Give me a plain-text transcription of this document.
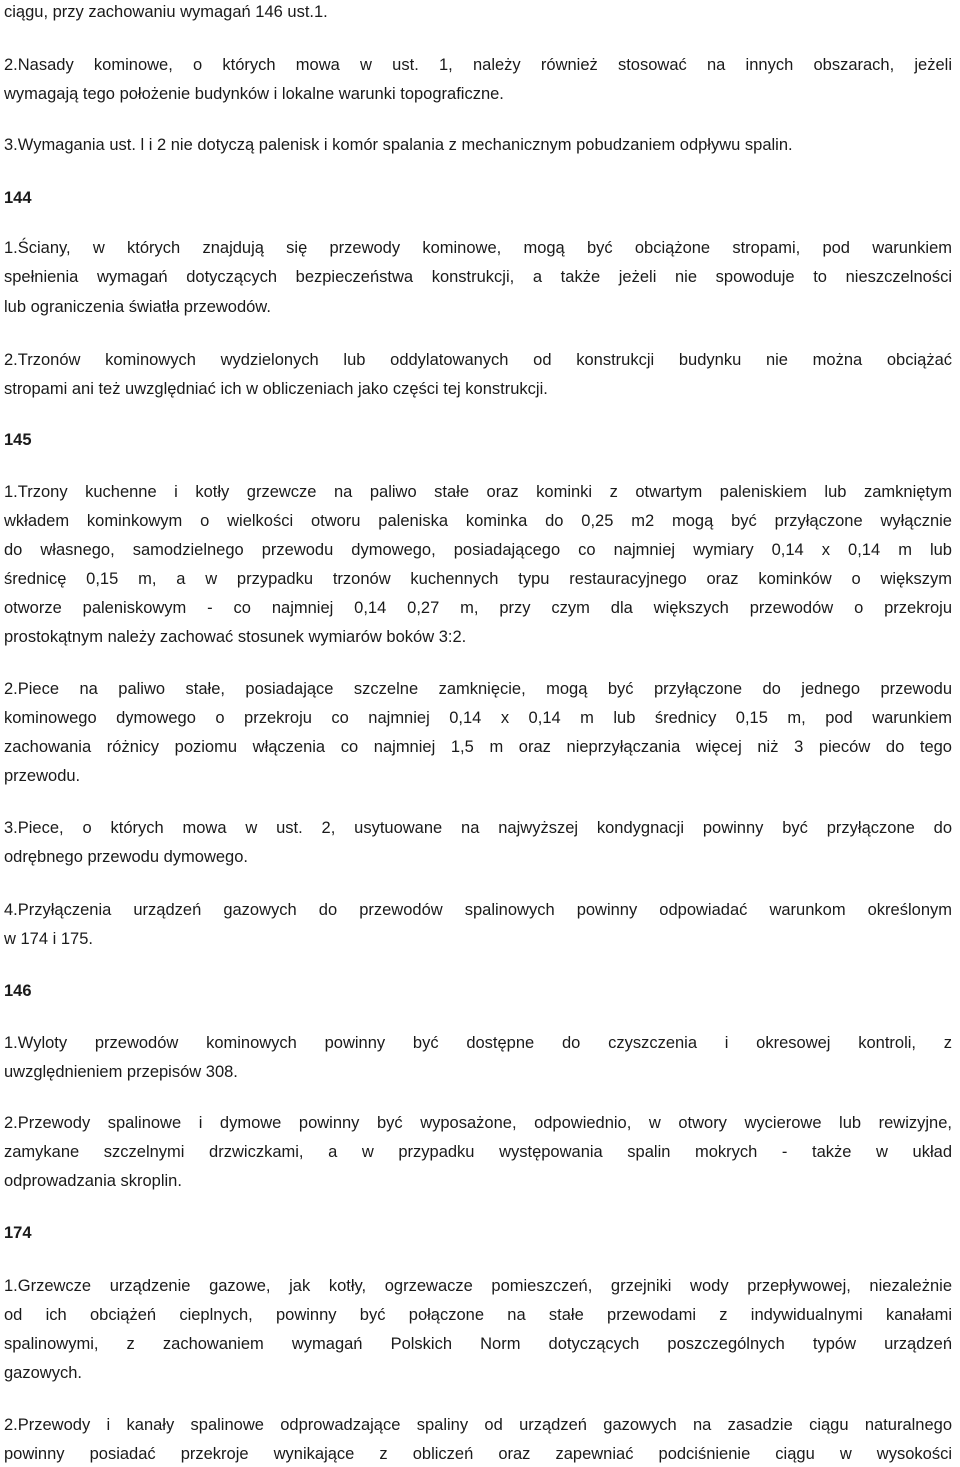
ciągu, przy zachowaniu wymagań 146 ust.1.
2.Nasady kominowe, o których mowa w ust. 1, należy również stosować na innych obszarach, jeżeli
wymagają tego położenie budynków i lokalne warunki topograficzne.
3.Wymagania ust. l i 2 nie dotyczą palenisk i komór spalania z mechanicznym pobudzaniem odpływu spalin.
144
1.Ściany, w których znajdują się przewody kominowe, mogą być obciążone stropami, pod warunkiem
spełnienia wymagań dotyczących bezpieczeństwa konstrukcji, a także jeżeli nie spowoduje to nieszczelności
lub ograniczenia światła przewodów.
2.Trzonów kominowych wydzielonych lub oddylatowanych od konstrukcji budynku nie można obciążać
stropami ani też uwzględniać ich w obliczeniach jako części tej konstrukcji.
145
1.Trzony kuchenne i kotły grzewcze na paliwo stałe oraz kominki z otwartym paleniskiem lub zamkniętym
wkładem kominkowym o wielkości otworu paleniska kominka do 0,25 m2 mogą być przyłączone wyłącznie
do własnego, samodzielnego przewodu dymowego, posiadającego co najmniej wymiary 0,14 x 0,14 m lub
średnicę 0,15 m, a w przypadku trzonów kuchennych typu restauracyjnego oraz kominków o większym
otworze paleniskowym - co najmniej 0,14 0,27 m, przy czym dla większych przewodów o przekroju
prostokątnym należy zachować stosunek wymiarów boków 3:2.
2.Piece na paliwo stałe, posiadające szczelne zamknięcie, mogą być przyłączone do jednego przewodu
kominowego dymowego o przekroju co najmniej 0,14 x 0,14 m lub średnicy 0,15 m, pod warunkiem
zachowania różnicy poziomu włączenia co najmniej 1,5 m oraz nieprzyłączania więcej niż 3 pieców do tego
przewodu.
3.Piece, o których mowa w ust. 2, usytuowane na najwyższej kondygnacji powinny być przyłączone do
odrębnego przewodu dymowego.
4.Przyłączenia urządzeń gazowych do przewodów spalinowych powinny odpowiadać warunkom określonym
w 174 i 175.
146
1.Wyloty przewodów kominowych powinny być dostępne do czyszczenia i okresowej kontroli, z
uwzględnieniem przepisów 308.
2.Przewody spalinowe i dymowe powinny być wyposażone, odpowiednio, w otwory wycierowe lub rewizyjne,
zamykane szczelnymi drzwiczkami, a w przypadku występowania spalin mokrych - także w układ
odprowadzania skroplin.
174
1.Grzewcze urządzenie gazowe, jak kotły, ogrzewacze pomieszczeń, grzejniki wody przepływowej, niezależnie
od ich obciążeń cieplnych, powinny być połączone na stałe przewodami z indywidualnymi kanałami
spalinowymi, z zachowaniem wymagań Polskich Norm dotyczących poszczególnych typów urządzeń
gazowych.
2.Przewody i kanały spalinowe odprowadzające spaliny od urządzeń gazowych na zasadzie ciągu naturalnego
powinny posiadać przekroje wynikające z obliczeń oraz zapewniać podciśnienie ciągu w wysokości
